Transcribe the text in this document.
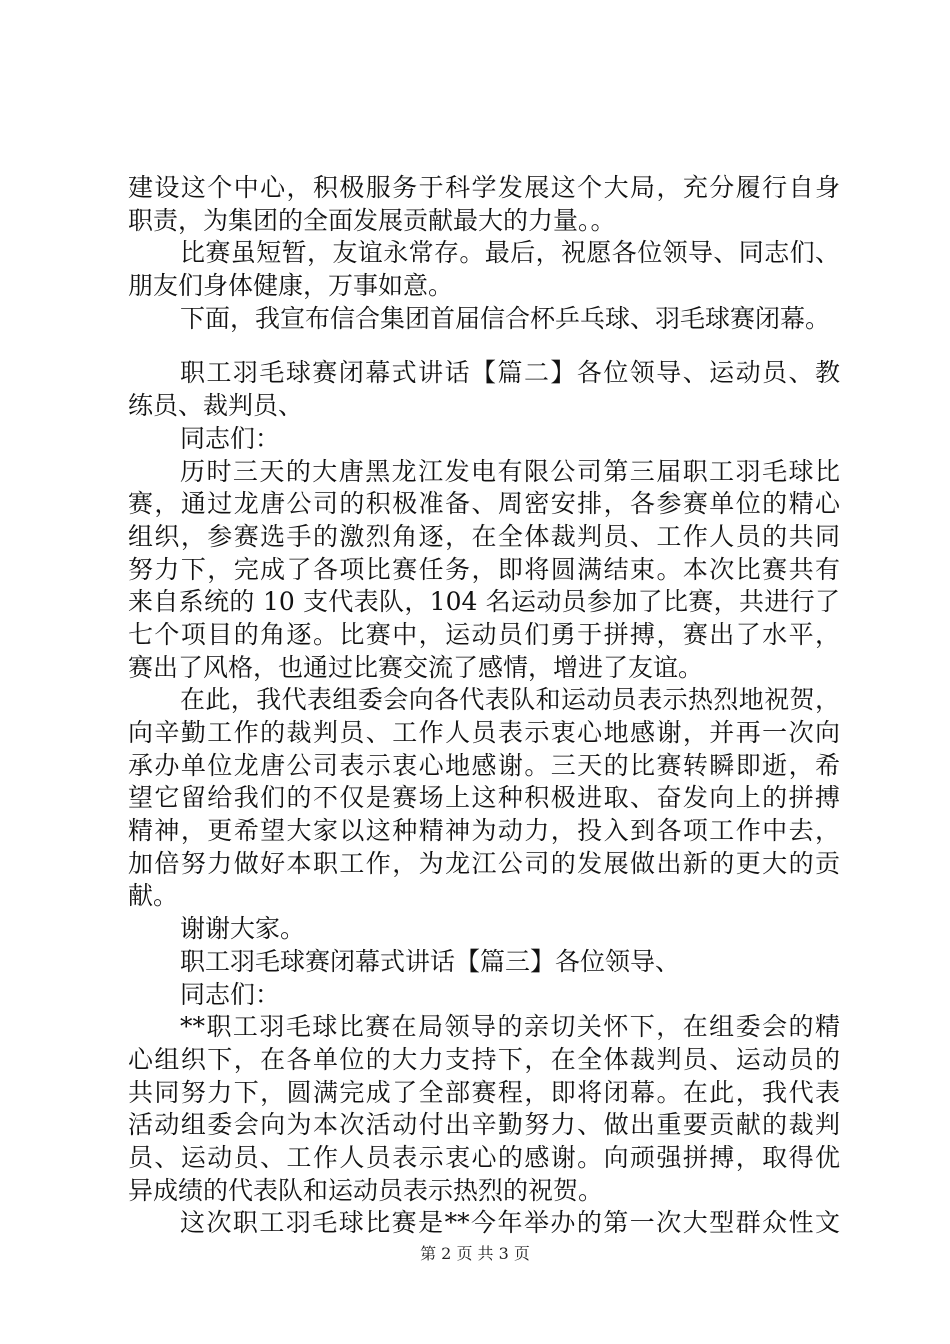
建设这个中心，积极服务于科学发展这个大局，充分履行自身
职责，为集团的全面发展贡献最大的力量。。
比赛虽短暂，友谊永常存。最后，祝愿各位领导、同志们、
朋友们身体健康，万事如意。
下面，我宣布信合集团首届信合杯乒乓球、羽毛球赛闭幕。
职工羽毛球赛闭幕式讲话【篇二】各位领导、运动员、教
练员、裁判员、
同志们：
历时三天的大唐黑龙江发电有限公司第三届职工羽毛球比
赛，通过龙唐公司的积极准备、周密安排，各参赛单位的精心
组织，参赛选手的激烈角逐，在全体裁判员、工作人员的共同
努力下，完成了各项比赛任务，即将圆满结束。本次比赛共有
来自系统的 10 支代表队，104 名运动员参加了比赛，共进行了
七个项目的角逐。比赛中，运动员们勇于拼搏，赛出了水平，
赛出了风格，也通过比赛交流了感情，增进了友谊。
在此，我代表组委会向各代表队和运动员表示热烈地祝贺，
向辛勤工作的裁判员、工作人员表示衷心地感谢，并再一次向
承办单位龙唐公司表示衷心地感谢。三天的比赛转瞬即逝，希
望它留给我们的不仅是赛场上这种积极进取、奋发向上的拼搏
精神，更希望大家以这种精神为动力，投入到各项工作中去，
加倍努力做好本职工作，为龙江公司的发展做出新的更大的贡
献。
谢谢大家。
职工羽毛球赛闭幕式讲话【篇三】各位领导、
同志们：
**职工羽毛球比赛在局领导的亲切关怀下，在组委会的精
心组织下，在各单位的大力支持下，在全体裁判员、运动员的
共同努力下，圆满完成了全部赛程，即将闭幕。在此，我代表
活动组委会向为本次活动付出辛勤努力、做出重要贡献的裁判
员、运动员、工作人员表示衷心的感谢。向顽强拼搏，取得优
异成绩的代表队和运动员表示热烈的祝贺。
这次职工羽毛球比赛是**今年举办的第一次大型群众性文
第 2 页 共 3 页
